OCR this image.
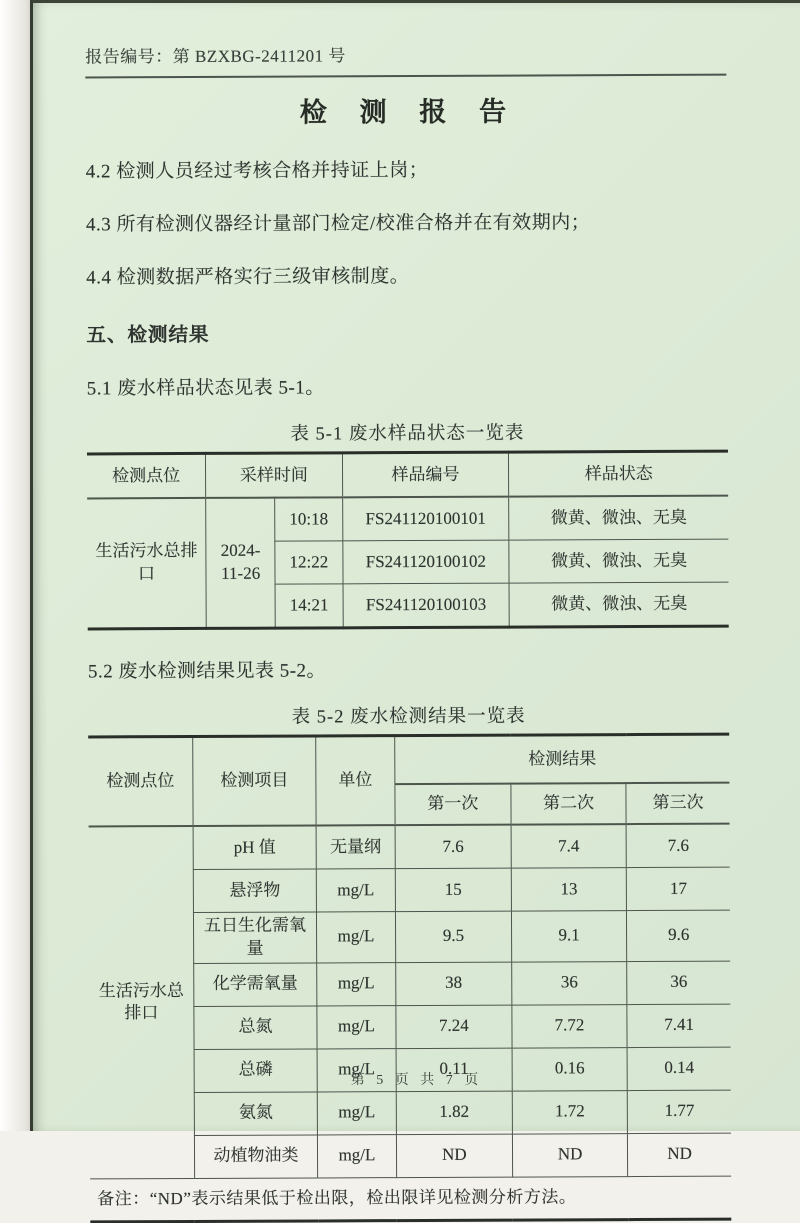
报告编号：第 BZXBG-2411201 号
检 测 报 告

4.2 检测人员经过考核合格并持证上岗；

4.3 所有检测仪器经计量部门检定/校准合格并在有效期内；

4.4 检测数据严格实行三级审核制度。

五、检测结果

5.1 废水样品状态见表 5-1。

表 5-1 废水样品状态一览表
检测点位	采样时间		样品编号	样品状态
生活污水总排口	2024-11-26	10:18	FS241120100101	微黄、微浊、无臭
		12:22	FS241120100102	微黄、微浊、无臭
		14:21	FS241120100103	微黄、微浊、无臭

5.2 废水检测结果见表 5-2。

表 5-2 废水检测结果一览表
检测点位	检测项目	单位	检测结果		
			第一次	第二次	第三次
生活污水总排口	pH 值	无量纲	7.6	7.4	7.6
	悬浮物	mg/L	15	13	17
	五日生化需氧量	mg/L	9.5	9.1	9.6
	化学需氧量	mg/L	38	36	36
	总氮	mg/L	7.24	7.72	7.41
	总磷	mg/L	0.11	0.16	0.14
	氨氮	mg/L	1.82	1.72	1.77
	动植物油类	mg/L	ND	ND	ND
备注：“ND”表示结果低于检出限，检出限详见检测分析方法。					
第 5 页 共 7 页
